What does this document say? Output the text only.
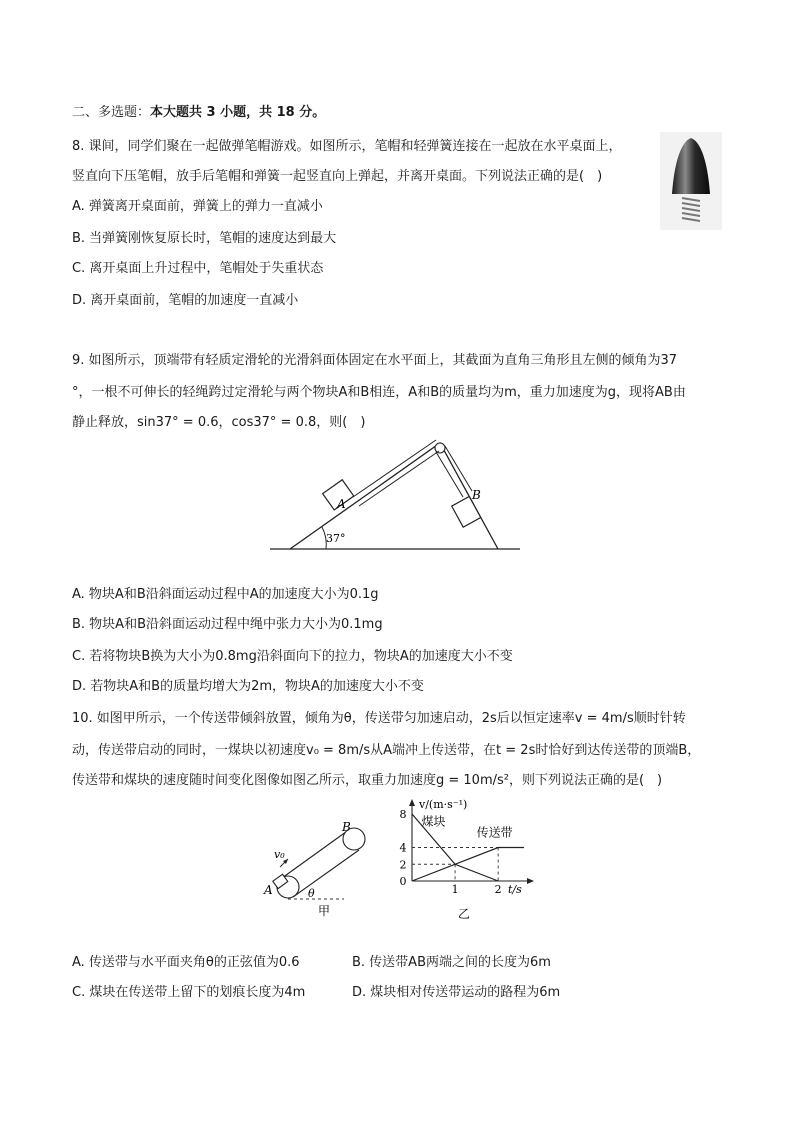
二、多选题：本大题共 3 小题，共 18 分。
8. 课间，同学们聚在一起做弹笔帽游戏。如图所示，笔帽和轻弹簧连接在一起放在水平桌面上，
竖直向下压笔帽，放手后笔帽和弹簧一起竖直向上弹起，并离开桌面。下列说法正确的是(　)
A. 弹簧离开桌面前，弹簧上的弹力一直减小
B. 当弹簧刚恢复原长时，笔帽的速度达到最大
C. 离开桌面上升过程中，笔帽处于失重状态
D. 离开桌面前，笔帽的加速度一直减小
9. 如图所示，顶端带有轻质定滑轮的光滑斜面体固定在水平面上，其截面为直角三角形且左侧的倾角为37
°，一根不可伸长的轻绳跨过定滑轮与两个物块A和B相连，A和B的质量均为m，重力加速度为g，现将AB由
静止释放，sin37° = 0.6，cos37° = 0.8，则(　)
37°
A
B
A. 物块A和B沿斜面运动过程中A的加速度大小为0.1g
B. 物块A和B沿斜面运动过程中绳中张力大小为0.1mg
C. 若将物块B换为大小为0.8mg沿斜面向下的拉力，物块A的加速度大小不变
D. 若物块A和B的质量均增大为2m，物块A的加速度大小不变
10. 如图甲所示，一个传送带倾斜放置，倾角为θ，传送带匀加速启动，2s后以恒定速率v = 4m/s顺时针转
动，传送带启动的同时，一煤块以初速度v₀ = 8m/s从A端冲上传送带，在t = 2s时恰好到达传送带的顶端B，
传送带和煤块的速度随时间变化图像如图乙所示，取重力加速度g = 10m/s²，则下列说法正确的是(　)
v₀
A
B
θ
甲
0
2
4
8
1	2
煤块
传送带
v/(m·s⁻¹)
t/s
乙
A. 传送带与水平面夹角θ的正弦值为0.6	B. 传送带AB两端之间的长度为6m
C. 煤块在传送带上留下的划痕长度为4m	D. 煤块相对传送带运动的路程为6m
